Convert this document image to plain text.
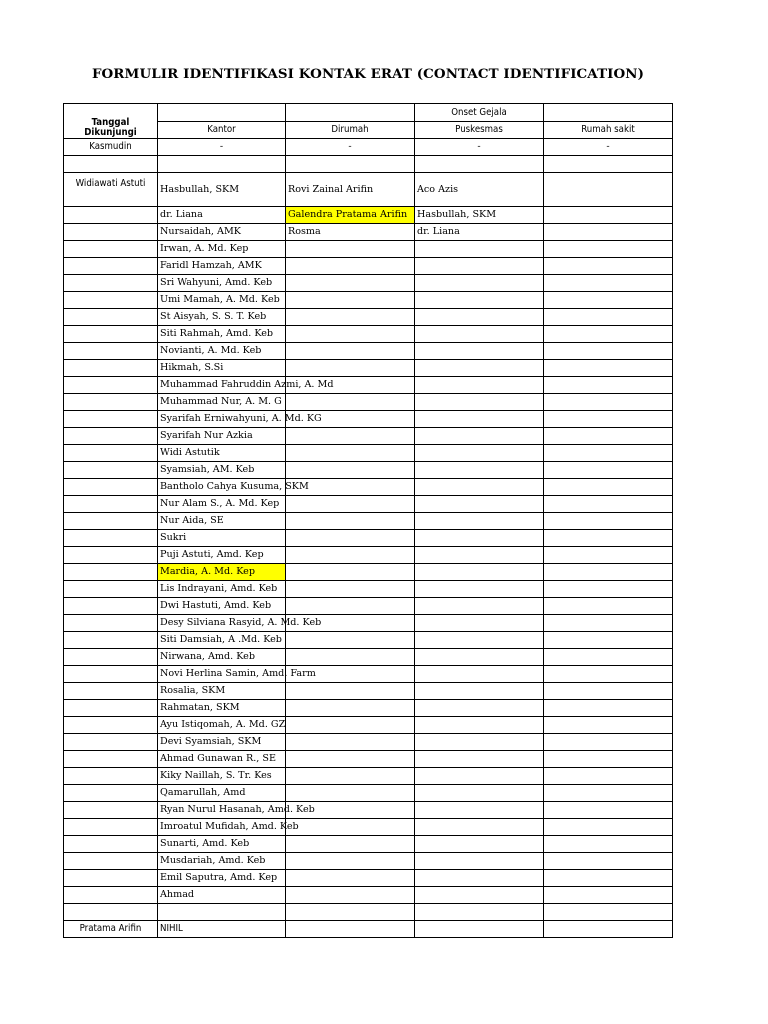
FORMULIR IDENTIFIKASI KONTAK ERAT (CONTACT IDENTIFICATION)
Tanggal
Dikunjungi			Onset Gejala	
	Kantor	Dirumah	Puskesmas	Rumah sakit
Kasmudin	-	-	-	-

Widiawati Astuti	Hasbullah, SKM	Rovi Zainal Arifin	Aco Azis	
	dr. Liana	Galendra Pratama Arifin	Hasbullah, SKM	
	Nursaidah, AMK	Rosma	dr. Liana	
	Irwan, A. Md. Kep			
	Faridl Hamzah, AMK			
	Sri Wahyuni, Amd. Keb			
	Umi Mamah, A. Md. Keb			
	St Aisyah, S. S. T. Keb			
	Siti Rahmah, Amd. Keb			
	Novianti, A. Md. Keb			
	Hikmah, S.Si			
	Muhammad Fahruddin Azmi, A. Md			
	Muhammad Nur, A. M. G			
	Syarifah Erniwahyuni, A. Md. KG			
	Syarifah Nur Azkia			
	Widi Astutik			
	Syamsiah, AM. Keb			
	Bantholo Cahya Kusuma, SKM			
	Nur Alam S., A. Md. Kep			
	Nur Aida, SE			
	Sukri			
	Puji Astuti, Amd. Kep			
	Mardia, A. Md. Kep			
	Lis Indrayani, Amd. Keb			
	Dwi Hastuti, Amd. Keb			
	Desy Silviana Rasyid, A. Md. Keb			
	Siti Damsiah, A .Md. Keb			
	Nirwana, Amd. Keb			
	Novi Herlina Samin, Amd. Farm			
	Rosalia, SKM			
	Rahmatan, SKM			
	Ayu Istiqomah, A. Md. GZ			
	Devi Syamsiah, SKM			
	Ahmad Gunawan R., SE			
	Kiky Naillah, S. Tr. Kes			
	Qamarullah, Amd			
	Ryan Nurul Hasanah, Amd. Keb			
	Imroatul Mufidah, Amd. Keb			
	Sunarti, Amd. Keb			
	Musdariah, Amd. Keb			
	Emil Saputra, Amd. Kep			
	Ahmad			

Pratama Arifin	NIHIL			
